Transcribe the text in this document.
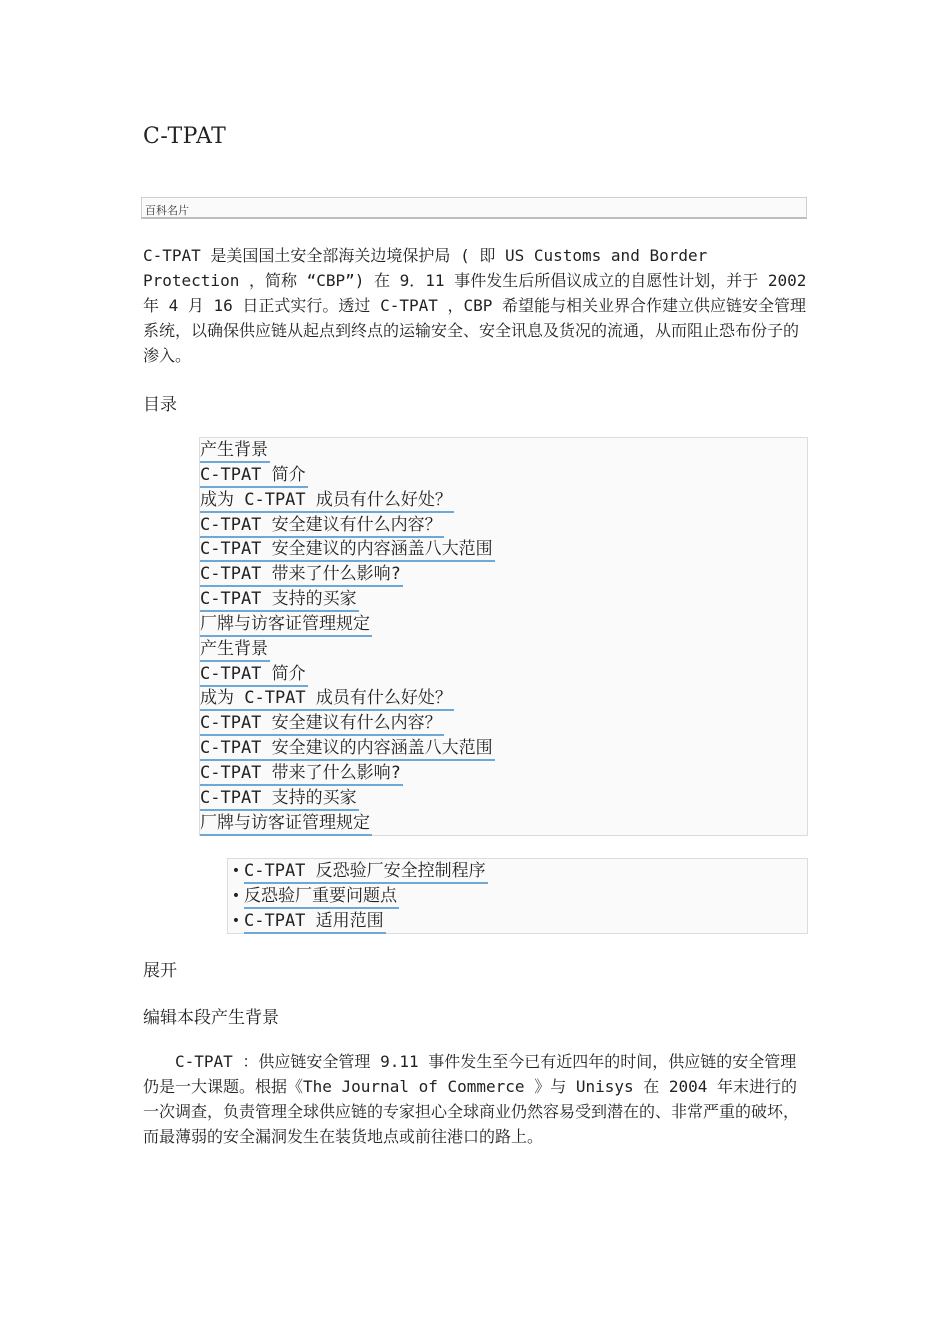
C-TPAT
百科名片

C-TPAT 是美国国土安全部海关边境保护局 ( 即 US Customs and Border Protection ，简称 “CBP”) 在 9．11 事件发生后所倡议成立的自愿性计划，并于 2002 年 4 月 16 日正式实行。透过 C-TPAT ，CBP 希望能与相关业界合作建立供应链安全管理系统，以确保供应链从起点到终点的运输安全、安全讯息及货况的流通，从而阻止恐布份子的渗入。

目录
产生背景
C-TPAT 简介
成为 C-TPAT 成员有什么好处？
C-TPAT 安全建议有什么内容？
C-TPAT 安全建议的内容涵盖八大范围
C-TPAT 带来了什么影响?
C-TPAT 支持的买家
厂牌与访客证管理规定
产生背景
C-TPAT 简介
成为 C-TPAT 成员有什么好处？
C-TPAT 安全建议有什么内容？
C-TPAT 安全建议的内容涵盖八大范围
C-TPAT 带来了什么影响?
C-TPAT 支持的买家
厂牌与访客证管理规定
• C-TPAT 反恐验厂安全控制程序
• 反恐验厂重要问题点
• C-TPAT 适用范围
展开
编辑本段产生背景

　　C-TPAT ：供应链安全管理 9.11 事件发生至今已有近四年的时间，供应链的安全管理仍是一大课题。根据《The Journal of Commerce 》与 Unisys 在 2004 年末进行的一次调查，负责管理全球供应链的专家担心全球商业仍然容易受到潜在的、非常严重的破坏，而最薄弱的安全漏洞发生在装货地点或前往港口的路上。
